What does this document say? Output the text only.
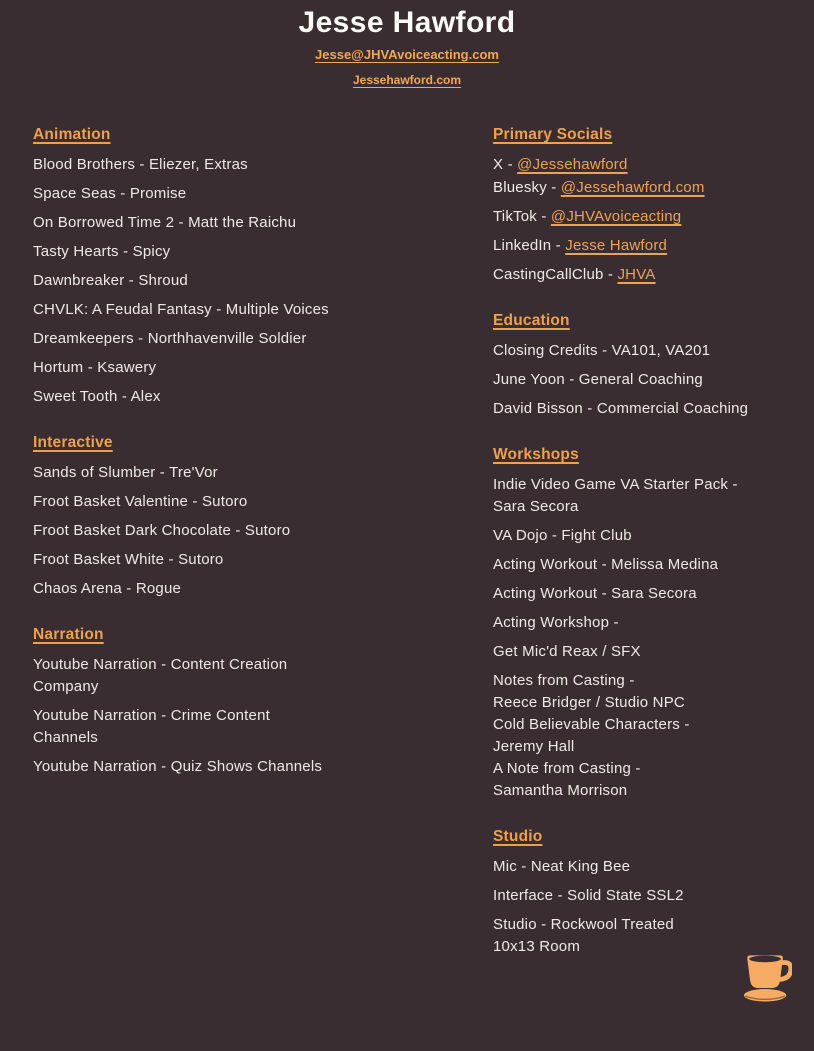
Jesse Hawford
Jesse@JHVAvoiceacting.com
Jessehawford.com
Animation

Blood Brothers - Eliezer, Extras

Space Seas - Promise

On Borrowed Time 2 - Matt the Raichu

Tasty Hearts - Spicy

Dawnbreaker - Shroud

CHVLK: A Feudal Fantasy - Multiple Voices

Dreamkeepers - Northhavenville Soldier

Hortum - Ksawery

Sweet Tooth - Alex

Interactive

Sands of Slumber - Tre'Vor

Froot Basket Valentine - Sutoro

Froot Basket Dark Chocolate - Sutoro

Froot Basket White - Sutoro

Chaos Arena - Rogue

Narration

Youtube Narration - Content Creation
Company

Youtube Narration - Crime Content
Channels

Youtube Narration - Quiz Shows Channels

Primary Socials

X - @Jessehawford

Bluesky - @Jessehawford.com

TikTok - @JHVAvoiceacting

LinkedIn - Jesse Hawford

CastingCallClub - JHVA

Education

Closing Credits - VA101, VA201

June Yoon - General Coaching

David Bisson - Commercial Coaching

Workshops

Indie Video Game VA Starter Pack -
Sara Secora

VA Dojo - Fight Club

Acting Workout - Melissa Medina

Acting Workout - Sara Secora

Acting Workshop -

Get Mic'd Reax / SFX

Notes from Casting -
Reece Bridger / Studio NPC
Cold Believable Characters -
Jeremy Hall
A Note from Casting -
Samantha Morrison

Studio

Mic - Neat King Bee

Interface - Solid State SSL2

Studio - Rockwool Treated
10x13 Room
